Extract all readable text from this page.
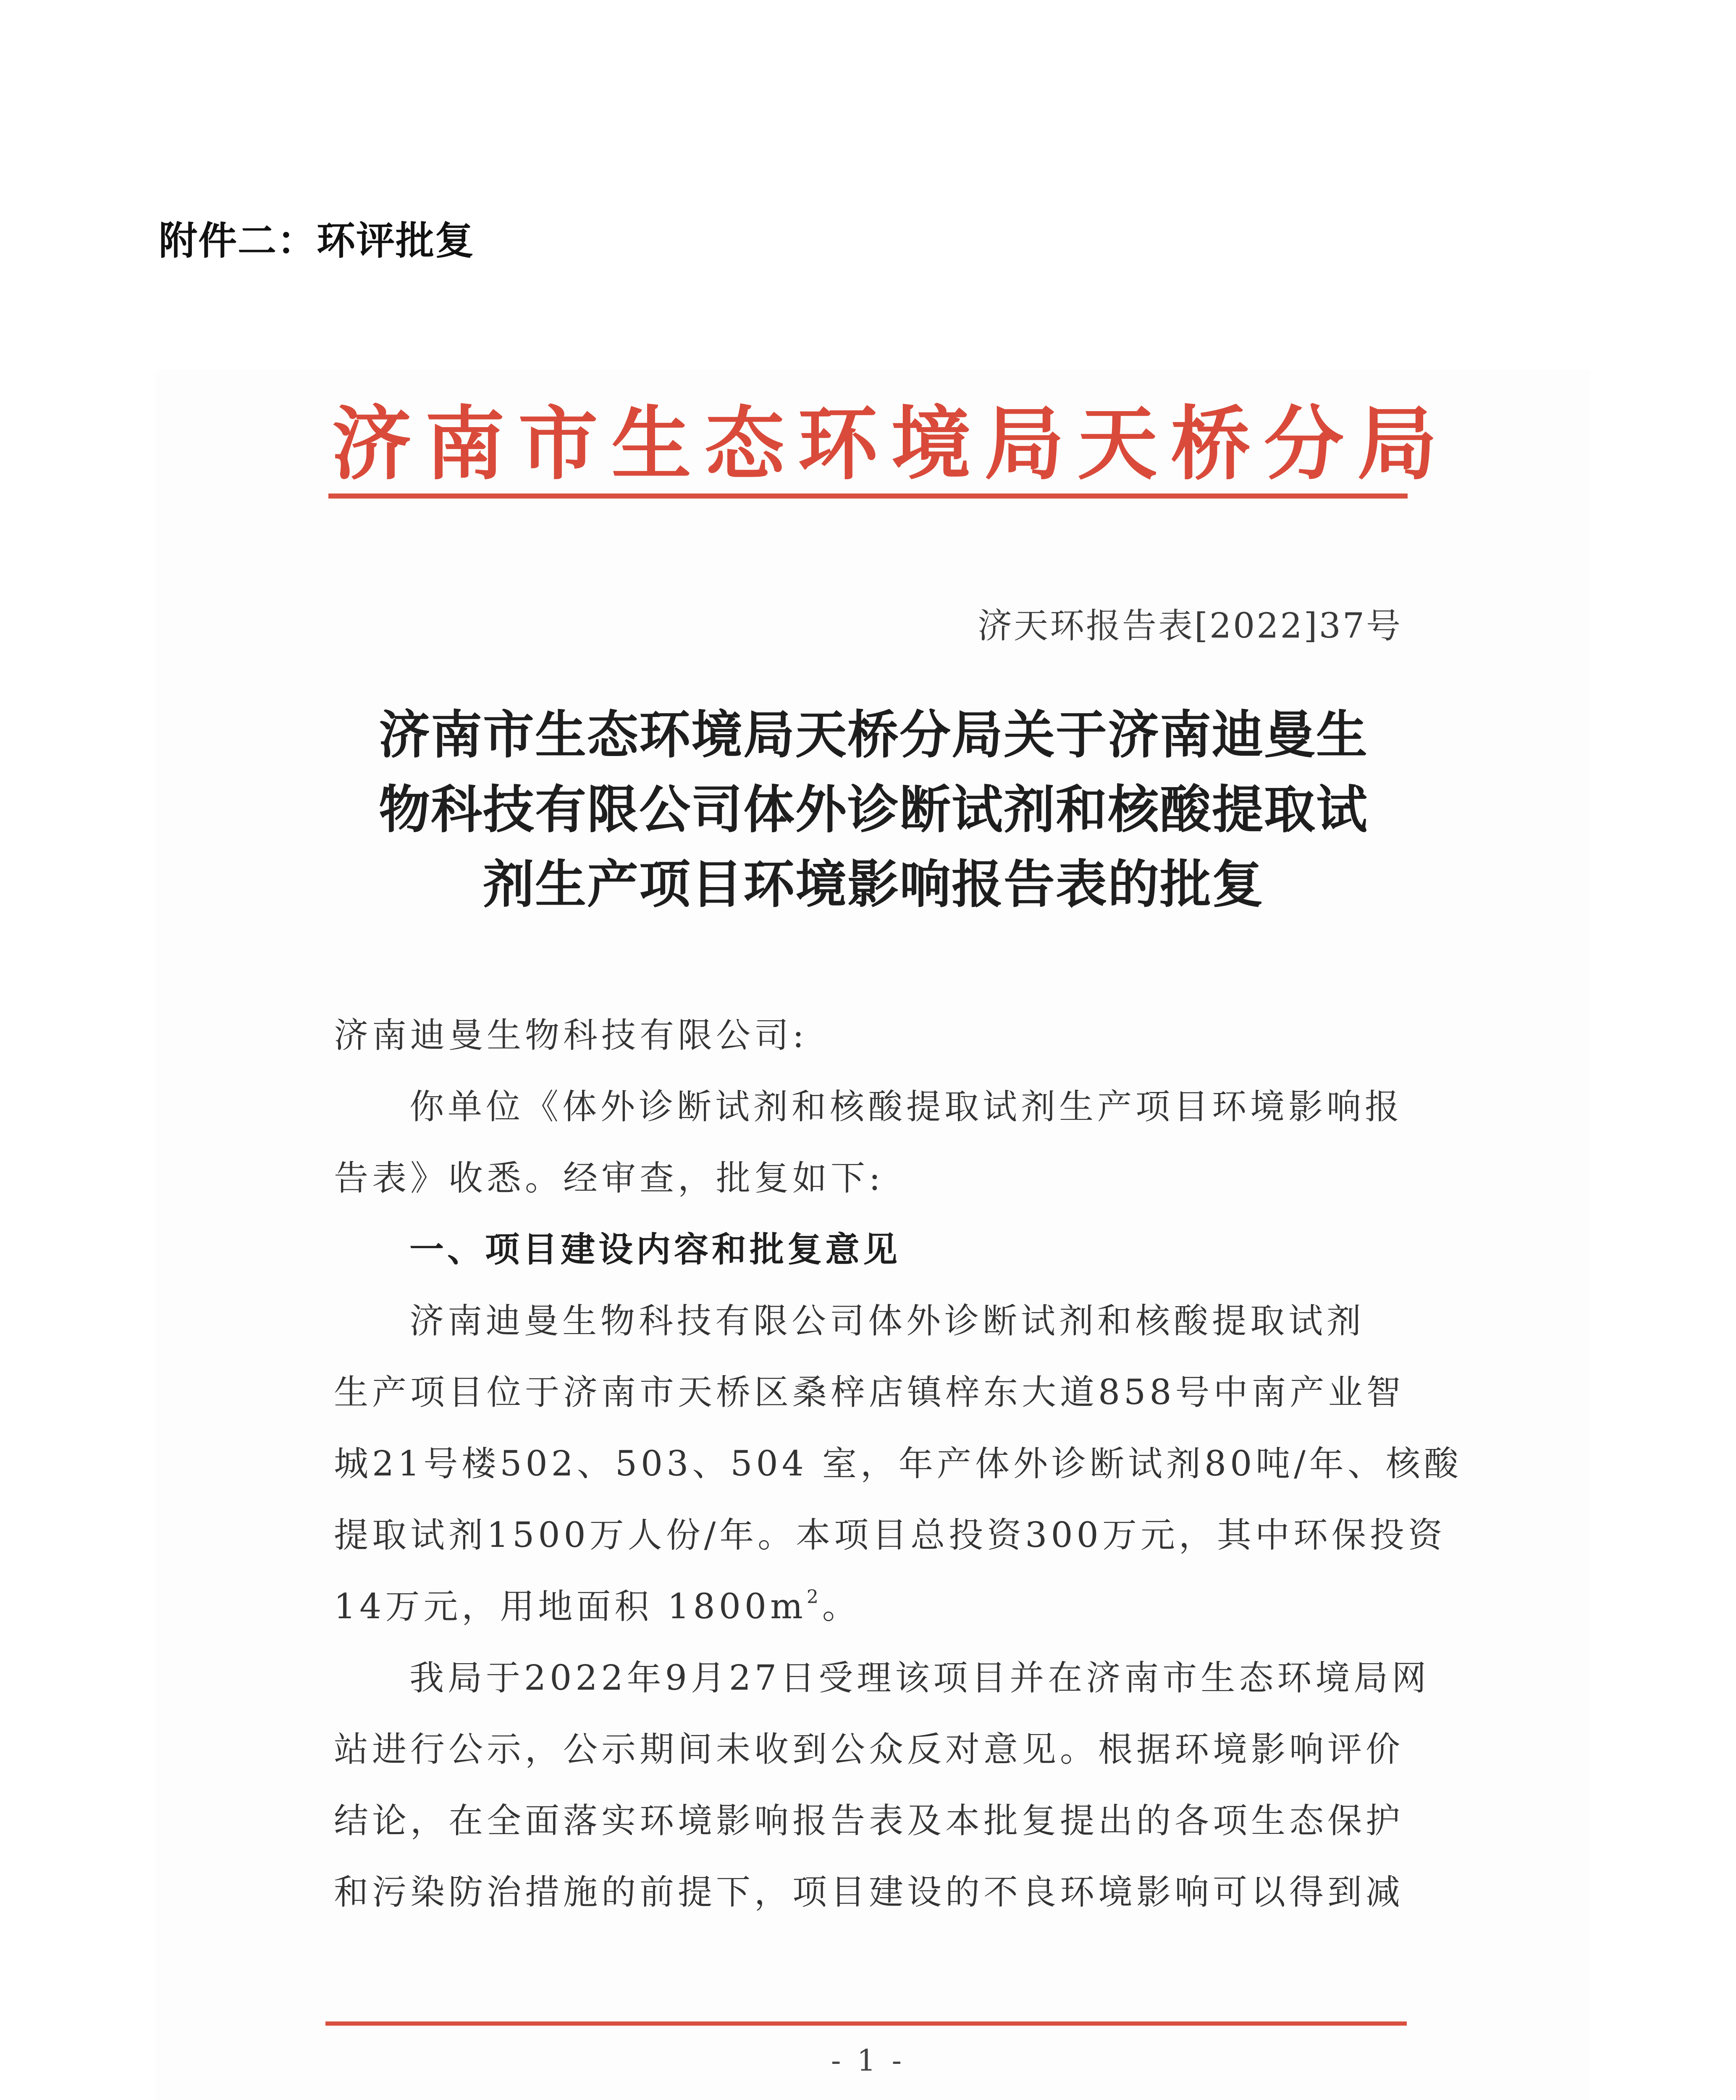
附件二：环评批复
济南市生态环境局天桥分局
济天环报告表[2022]37号
济南市生态环境局天桥分局关于济南迪曼生
物科技有限公司体外诊断试剂和核酸提取试
剂生产项目环境影响报告表的批复
济南迪曼生物科技有限公司:
你单位《体外诊断试剂和核酸提取试剂生产项目环境影响报
告表》收悉。经审查，批复如下:
一、项目建设内容和批复意见
济南迪曼生物科技有限公司体外诊断试剂和核酸提取试剂
生产项目位于济南市天桥区桑梓店镇梓东大道858号中南产业智
城21号楼502、503、504 室，年产体外诊断试剂80吨/年、核酸
提取试剂1500万人份/年。本项目总投资300万元，其中环保投资
14万元，用地面积 $1800m^2$。
我局于2022年9月27日受理该项目并在济南市生态环境局网
站进行公示，公示期间未收到公众反对意见。根据环境影响评价
结论，在全面落实环境影响报告表及本批复提出的各项生态保护
和污染防治措施的前提下，项目建设的不良环境影响可以得到减
- 1 -
